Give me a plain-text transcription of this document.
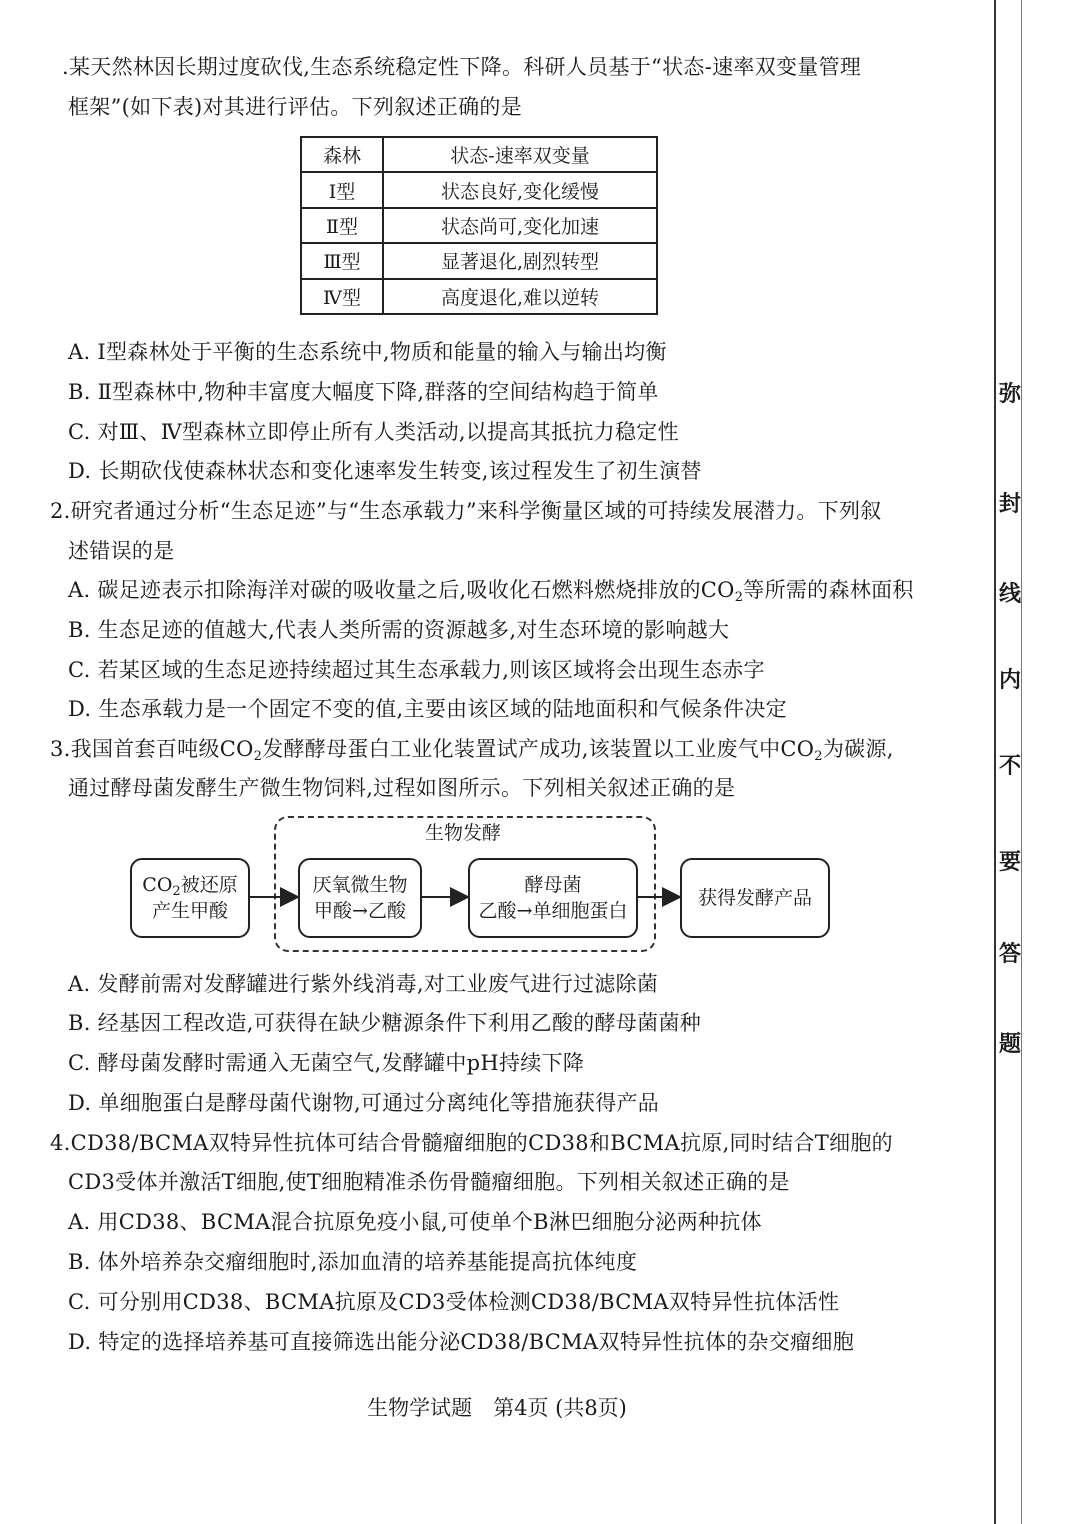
.某天然林因长期过度砍伐,生态系统稳定性下降。科研人员基于“状态-速率双变量管理
框架”(如下表)对其进行评估。下列叙述正确的是
森林	状态-速率双变量
Ⅰ型	状态良好,变化缓慢
Ⅱ型	状态尚可,变化加速
Ⅲ型	显著退化,剧烈转型
Ⅳ型	高度退化,难以逆转
A. Ⅰ型森林处于平衡的生态系统中,物质和能量的输入与输出均衡
B. Ⅱ型森林中,物种丰富度大幅度下降,群落的空间结构趋于简单
C. 对Ⅲ、Ⅳ型森林立即停止所有人类活动,以提高其抵抗力稳定性
D. 长期砍伐使森林状态和变化速率发生转变,该过程发生了初生演替
2.研究者通过分析“生态足迹”与“生态承载力”来科学衡量区域的可持续发展潜力。下列叙
述错误的是
A. 碳足迹表示扣除海洋对碳的吸收量之后,吸收化石燃料燃烧排放的$CO_2$等所需的森林面积
B. 生态足迹的值越大,代表人类所需的资源越多,对生态环境的影响越大
C. 若某区域的生态足迹持续超过其生态承载力,则该区域将会出现生态赤字
D. 生态承载力是一个固定不变的值,主要由该区域的陆地面积和气候条件决定
3.我国首套百吨级$CO_2$发酵酵母蛋白工业化装置试产成功,该装置以工业废气中$CO_2$为碳源,
通过酵母菌发酵生产微生物饲料,过程如图所示。下列相关叙述正确的是
生物发酵
$CO_2$被还原
产生甲酸
厌氧微生物
甲酸→乙酸
酵母菌
乙酸→单细胞蛋白
获得发酵产品
A. 发酵前需对发酵罐进行紫外线消毒,对工业废气进行过滤除菌
B. 经基因工程改造,可获得在缺少糖源条件下利用乙酸的酵母菌菌种
C. 酵母菌发酵时需通入无菌空气,发酵罐中pH持续下降
D. 单细胞蛋白是酵母菌代谢物,可通过分离纯化等措施获得产品
4.CD38/BCMA双特异性抗体可结合骨髓瘤细胞的CD38和BCMA抗原,同时结合T细胞的
CD3受体并激活T细胞,使T细胞精准杀伤骨髓瘤细胞。下列相关叙述正确的是
A. 用CD38、BCMA混合抗原免疫小鼠,可使单个B淋巴细胞分泌两种抗体
B. 体外培养杂交瘤细胞时,添加血清的培养基能提高抗体纯度
C. 可分别用CD38、BCMA抗原及CD3受体检测CD38/BCMA双特异性抗体活性
D. 特定的选择培养基可直接筛选出能分泌CD38/BCMA双特异性抗体的杂交瘤细胞
生物学试题　第4页 (共8页)
弥
封
线
内
不
要
答
题
